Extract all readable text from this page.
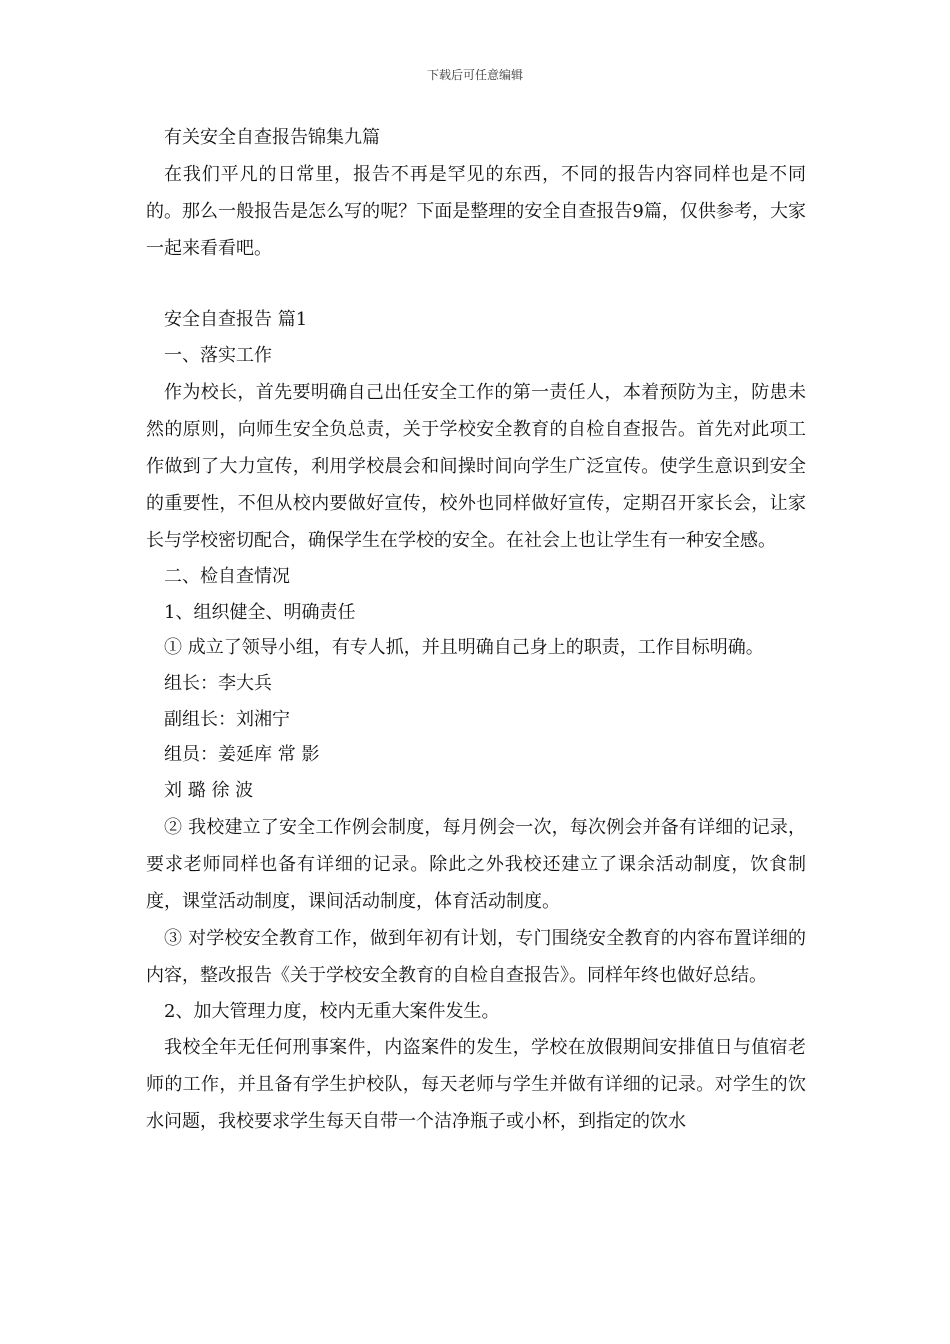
下载后可任意编辑

有关安全自查报告锦集九篇

在我们平凡的日常里，报告不再是罕见的东西，不同的报告内容同样也是不同的。那么一般报告是怎么写的呢？下面是整理的安全自查报告9篇，仅供参考，大家一起来看看吧。

安全自查报告 篇1

一、落实工作

作为校长，首先要明确自己出任安全工作的第一责任人，本着预防为主，防患未然的原则，向师生安全负总责，关于学校安全教育的自检自查报告。首先对此项工作做到了大力宣传，利用学校晨会和间操时间向学生广泛宣传。使学生意识到安全的重要性，不但从校内要做好宣传，校外也同样做好宣传，定期召开家长会，让家长与学校密切配合，确保学生在学校的安全。在社会上也让学生有一种安全感。

二、检自查情况

1、组织健全、明确责任

① 成立了领导小组，有专人抓，并且明确自己身上的职责，工作目标明确。

组长：李大兵

副组长：刘湘宁

组员：姜延库 常 影

刘 璐 徐 波

② 我校建立了安全工作例会制度，每月例会一次，每次例会并备有详细的记录，要求老师同样也备有详细的记录。除此之外我校还建立了课余活动制度，饮食制度，课堂活动制度，课间活动制度，体育活动制度。

③ 对学校安全教育工作，做到年初有计划，专门围绕安全教育的内容布置详细的内容，整改报告《关于学校安全教育的自检自查报告》。同样年终也做好总结。

2、加大管理力度，校内无重大案件发生。

我校全年无任何刑事案件，内盗案件的发生，学校在放假期间安排值日与值宿老师的工作，并且备有学生护校队，每天老师与学生并做有详细的记录。对学生的饮水问题，我校要求学生每天自带一个洁净瓶子或小杯，到指定的饮水
